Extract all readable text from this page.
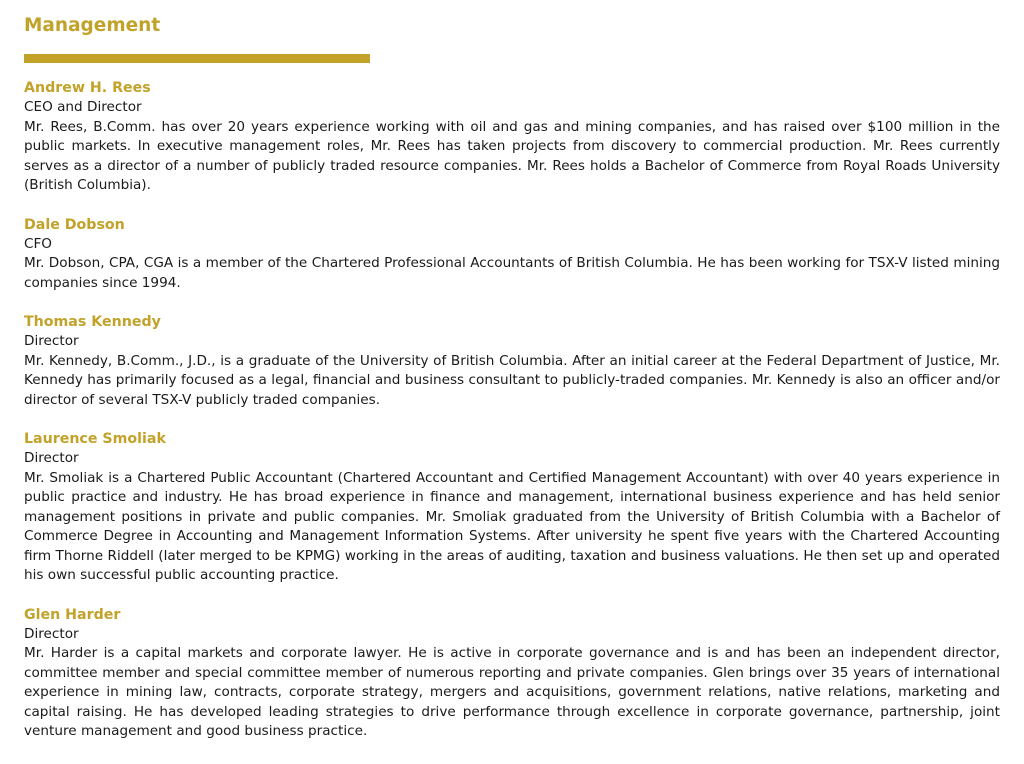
Management

Andrew H. Rees

CEO and Director

Mr. Rees, B.Comm. has over 20 years experience working with oil and gas and mining companies, and has raised over $100 million in the public markets. In executive management roles, Mr. Rees has taken projects from discovery to commercial production. Mr. Rees currently serves as a director of a number of publicly traded resource companies. Mr. Rees holds a Bachelor of Commerce from Royal Roads University (British Columbia).

Dale Dobson

CFO

Mr. Dobson, CPA, CGA is a member of the Chartered Professional Accountants of British Columbia. He has been working for TSX-V listed mining companies since 1994.

Thomas Kennedy

Director

Mr. Kennedy, B.Comm., J.D., is a graduate of the University of British Columbia. After an initial career at the Federal Department of Justice, Mr. Kennedy has primarily focused as a legal, financial and business consultant to publicly-traded companies. Mr. Kennedy is also an officer and/or director of several TSX-V publicly traded companies.

Laurence Smoliak

Director

Mr. Smoliak is a Chartered Public Accountant (Chartered Accountant and Certified Management Accountant) with over 40 years experience in public practice and industry. He has broad experience in finance and management, international business experience and has held senior management positions in private and public companies. Mr. Smoliak graduated from the University of British Columbia with a Bachelor of Commerce Degree in Accounting and Management Information Systems. After university he spent five years with the Chartered Accounting firm Thorne Riddell (later merged to be KPMG) working in the areas of auditing, taxation and business valuations. He then set up and operated his own successful public accounting practice.

Glen Harder

Director

Mr. Harder is a capital markets and corporate lawyer. He is active in corporate governance and is and has been an independent director, committee member and special committee member of numerous reporting and private companies. Glen brings over 35 years of international experience in mining law, contracts, corporate strategy, mergers and acquisitions, government relations, native relations, marketing and capital raising. He has developed leading strategies to drive performance through excellence in corporate governance, partnership, joint venture management and good business practice.
